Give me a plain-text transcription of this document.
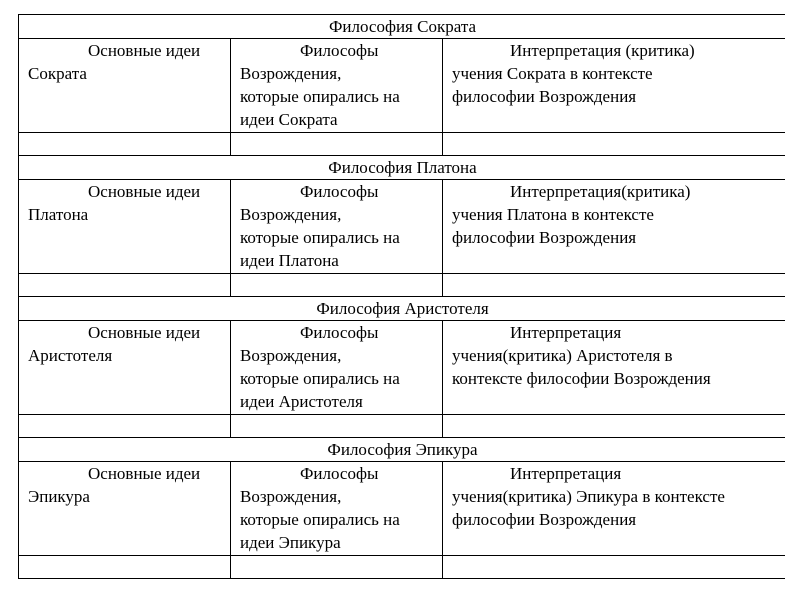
Философия Сократа
Основные идеи
Сократа
Философы
Возрождения,
которые опирались на
идеи Сократа
Интерпретация (критика)
учения Сократа в контексте
философии Возрождения
Философия Платона
Основные идеи
Платона
Философы
Возрождения,
которые опирались на
идеи Платона
Интерпретация(критика)
учения Платона в контексте
философии Возрождения
Философия Аристотеля
Основные идеи
Аристотеля
Философы
Возрождения,
которые опирались на
идеи Аристотеля
Интерпретация
учения(критика) Аристотеля в
контексте философии Возрождения
Философия Эпикура
Основные идеи
Эпикура
Философы
Возрождения,
которые опирались на
идеи Эпикура
Интерпретация
учения(критика) Эпикура в контексте
философии Возрождения
